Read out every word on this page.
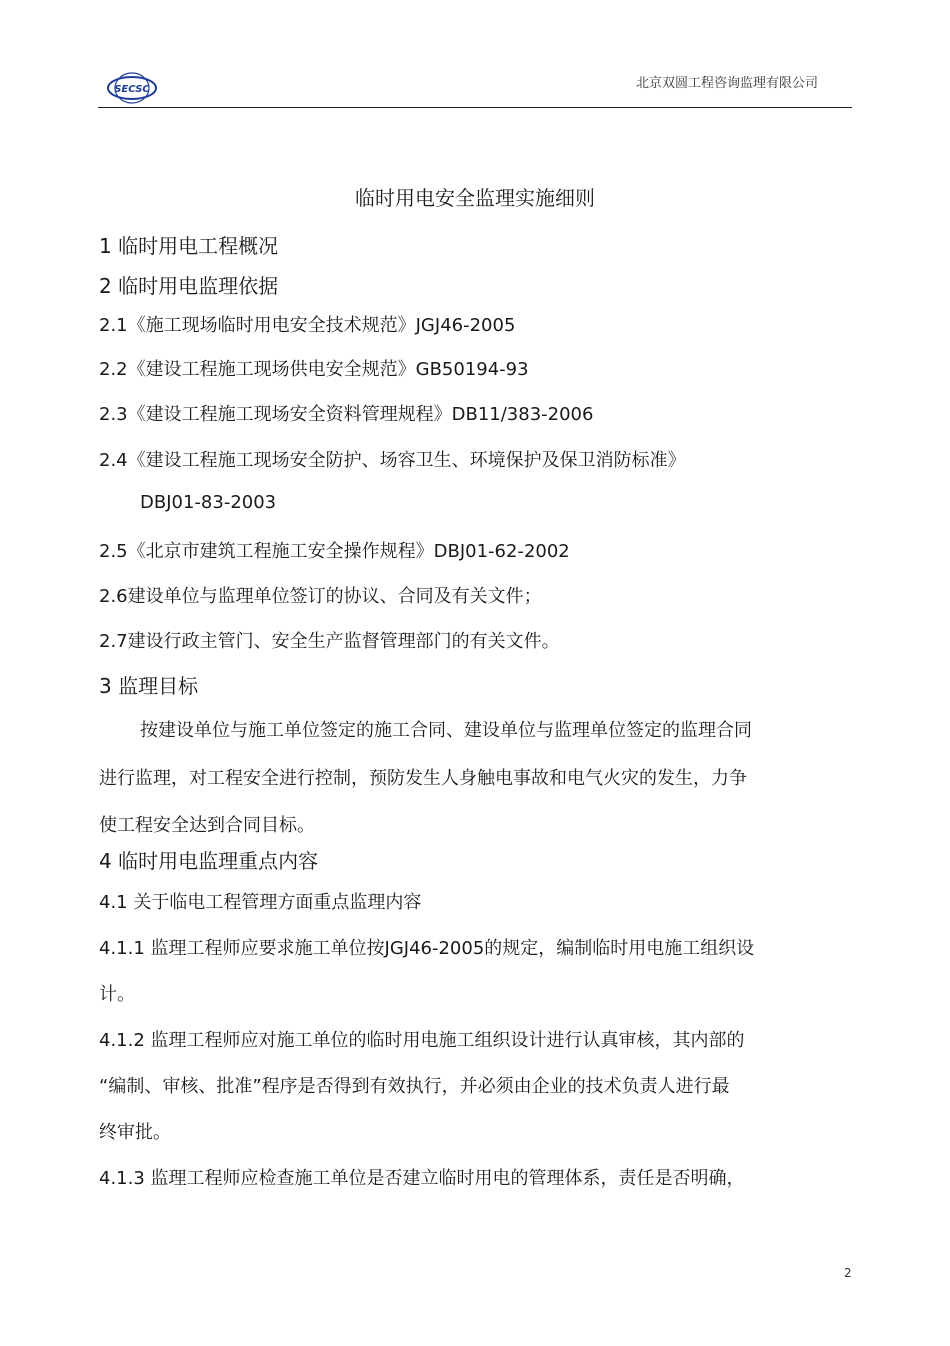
SECSC	北京双圆工程咨询监理有限公司
临时用电安全监理实施细则
1 临时用电工程概况
2 临时用电监理依据
2.1《施工现场临时用电安全技术规范》JGJ46-2005
2.2《建设工程施工现场供电安全规范》GB50194-93
2.3《建设工程施工现场安全资料管理规程》DB11/383-2006
2.4《建设工程施工现场安全防护、场容卫生、环境保护及保卫消防标准》
DBJ01-83-2003
2.5《北京市建筑工程施工安全操作规程》DBJ01-62-2002
2.6建设单位与监理单位签订的协议、合同及有关文件；
2.7建设行政主管门、安全生产监督管理部门的有关文件。
3 监理目标
按建设单位与施工单位签定的施工合同、建设单位与监理单位签定的监理合同
进行监理，对工程安全进行控制，预防发生人身触电事故和电气火灾的发生，力争
使工程安全达到合同目标。
4 临时用电监理重点内容
4.1 关于临电工程管理方面重点监理内容
4.1.1 监理工程师应要求施工单位按JGJ46-2005的规定，编制临时用电施工组织设
计。
4.1.2 监理工程师应对施工单位的临时用电施工组织设计进行认真审核，其内部的
“编制、审核、批准”程序是否得到有效执行，并必须由企业的技术负责人进行最
终审批。
4.1.3 监理工程师应检查施工单位是否建立临时用电的管理体系，责任是否明确，
2
